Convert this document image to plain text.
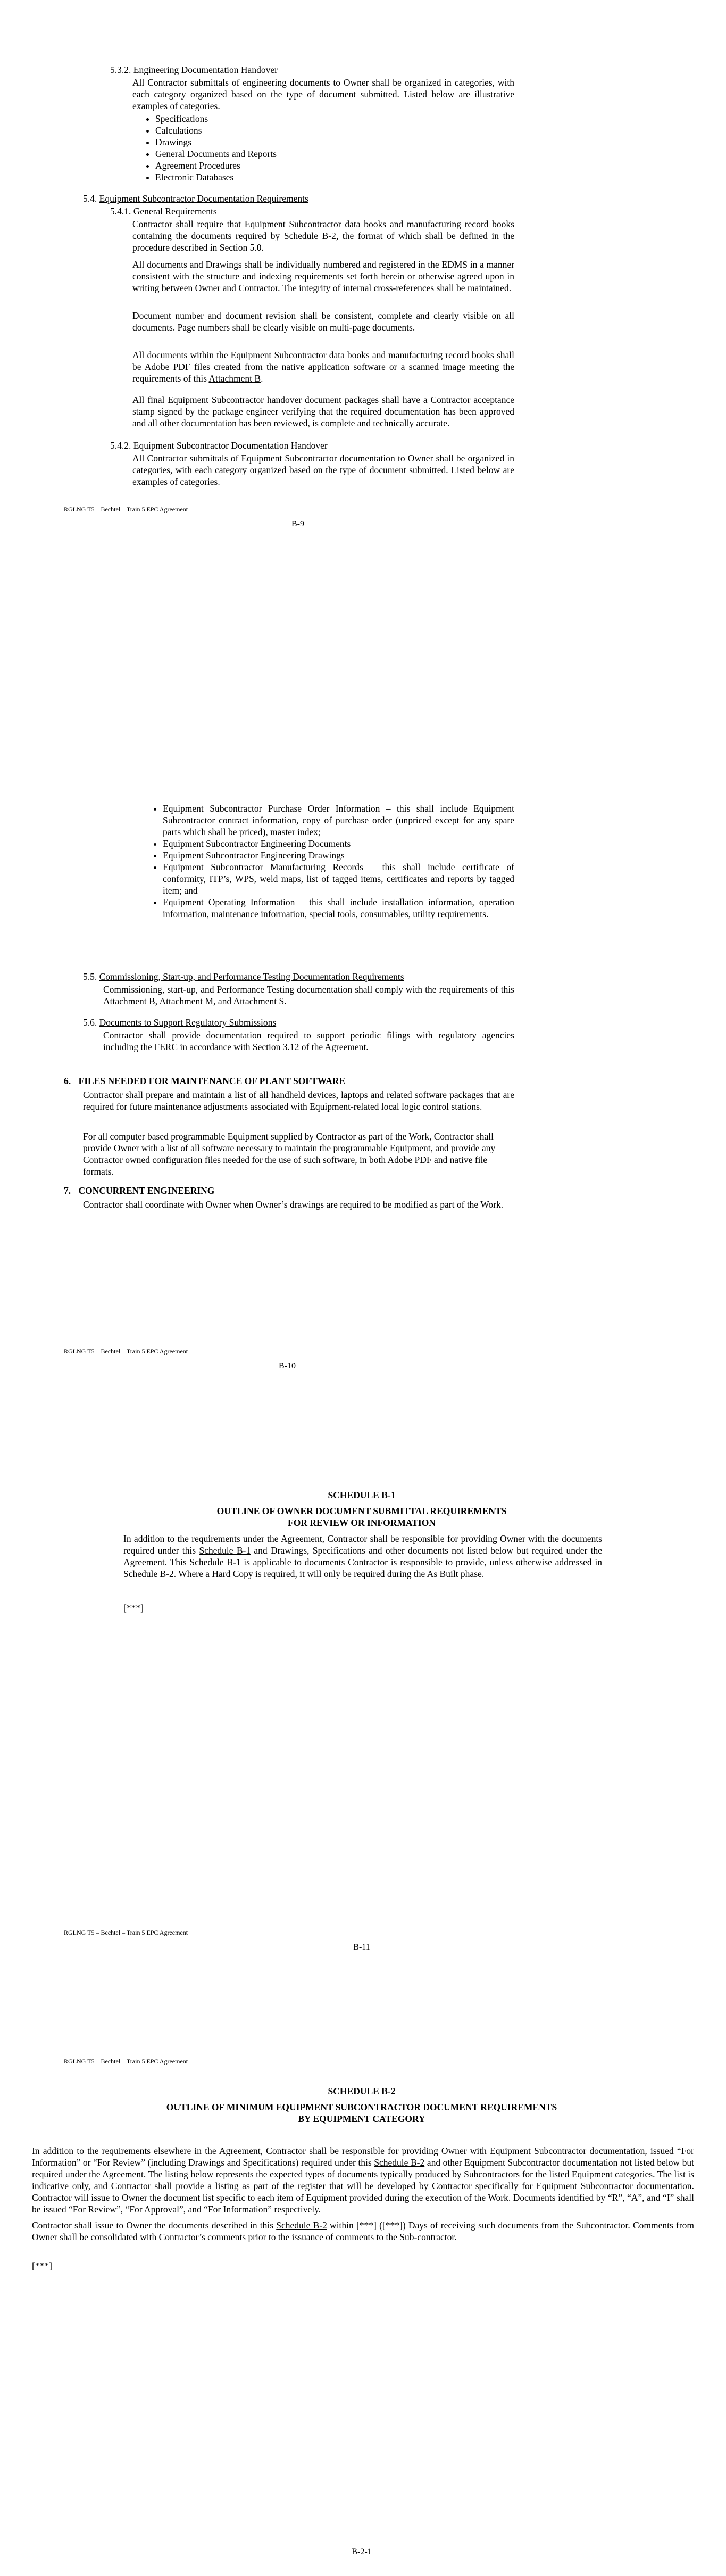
5.3.2. Engineering Documentation Handover
All Contractor submittals of engineering documents to Owner shall be organized in categories, with each category organized based on the type of document submitted. Listed below are illustrative examples of categories.
• Specifications
• Calculations
• Drawings
• General Documents and Reports
• Agreement Procedures
• Electronic Databases
5.4. Equipment Subcontractor Documentation Requirements
5.4.1. General Requirements
Contractor shall require that Equipment Subcontractor data books and manufacturing record books containing the documents required by Schedule B-2, the format of which shall be defined in the procedure described in Section 5.0.
All documents and Drawings shall be individually numbered and registered in the EDMS in a manner consistent with the structure and indexing requirements set forth herein or otherwise agreed upon in writing between Owner and Contractor. The integrity of internal cross-references shall be maintained.
Document number and document revision shall be consistent, complete and clearly visible on all documents. Page numbers shall be clearly visible on multi-page documents.
All documents within the Equipment Subcontractor data books and manufacturing record books shall be Adobe PDF files created from the native application software or a scanned image meeting the requirements of this Attachment B.
All final Equipment Subcontractor handover document packages shall have a Contractor acceptance stamp signed by the package engineer verifying that the required documentation has been approved and all other documentation has been reviewed, is complete and technically accurate.
5.4.2. Equipment Subcontractor Documentation Handover
All Contractor submittals of Equipment Subcontractor documentation to Owner shall be organized in categories, with each category organized based on the type of document submitted. Listed below are examples of categories.
RGLNG T5 – Bechtel – Train 5 EPC Agreement
B-9
• Equipment Subcontractor Purchase Order Information – this shall include Equipment Subcontractor contract information, copy of purchase order (unpriced except for any spare parts which shall be priced), master index;
• Equipment Subcontractor Engineering Documents
• Equipment Subcontractor Engineering Drawings
• Equipment Subcontractor Manufacturing Records – this shall include certificate of conformity, ITP’s, WPS, weld maps, list of tagged items, certificates and reports by tagged item; and
• Equipment Operating Information – this shall include installation information, operation information, maintenance information, special tools, consumables, utility requirements.
5.5. Commissioning, Start-up, and Performance Testing Documentation Requirements
Commissioning, start-up, and Performance Testing documentation shall comply with the requirements of this Attachment B, Attachment M, and Attachment S.
5.6. Documents to Support Regulatory Submissions
Contractor shall provide documentation required to support periodic filings with regulatory agencies including the FERC in accordance with Section 3.12 of the Agreement.
6. FILES NEEDED FOR MAINTENANCE OF PLANT SOFTWARE
Contractor shall prepare and maintain a list of all handheld devices, laptops and related software packages that are required for future maintenance adjustments associated with Equipment-related local logic control stations.
For all computer based programmable Equipment supplied by Contractor as part of the Work, Contractor shall provide Owner with a list of all software necessary to maintain the programmable Equipment, and provide any Contractor owned configuration files needed for the use of such software, in both Adobe PDF and native file formats.
7. CONCURRENT ENGINEERING
Contractor shall coordinate with Owner when Owner’s drawings are required to be modified as part of the Work.
RGLNG T5 – Bechtel – Train 5 EPC Agreement
B-10
SCHEDULE B-1
OUTLINE OF OWNER DOCUMENT SUBMITTAL REQUIREMENTS
FOR REVIEW OR INFORMATION
In addition to the requirements under the Agreement, Contractor shall be responsible for providing Owner with the documents required under this Schedule B-1 and Drawings, Specifications and other documents not listed below but required under the Agreement. This Schedule B-1 is applicable to documents Contractor is responsible to provide, unless otherwise addressed in Schedule B-2. Where a Hard Copy is required, it will only be required during the As Built phase.
[***]
RGLNG T5 – Bechtel – Train 5 EPC Agreement
B-11
RGLNG T5 – Bechtel – Train 5 EPC Agreement
SCHEDULE B-2
OUTLINE OF MINIMUM EQUIPMENT SUBCONTRACTOR DOCUMENT REQUIREMENTS
BY EQUIPMENT CATEGORY
In addition to the requirements elsewhere in the Agreement, Contractor shall be responsible for providing Owner with Equipment Subcontractor documentation, issued “For Information” or “For Review” (including Drawings and Specifications) required under this Schedule B-2 and other Equipment Subcontractor documentation not listed below but required under the Agreement. The listing below represents the expected types of documents typically produced by Subcontractors for the listed Equipment categories. The list is indicative only, and Contractor shall provide a listing as part of the register that will be developed by Contractor specifically for Equipment Subcontractor documentation. Contractor will issue to Owner the document list specific to each item of Equipment provided during the execution of the Work. Documents identified by “R”, “A”, and “I” shall be issued “For Review”, “For Approval”, and “For Information” respectively.
Contractor shall issue to Owner the documents described in this Schedule B-2 within [***] ([***]) Days of receiving such documents from the Subcontractor. Comments from Owner shall be consolidated with Contractor’s comments prior to the issuance of comments to the Sub-contractor.
[***]
B-2-1
